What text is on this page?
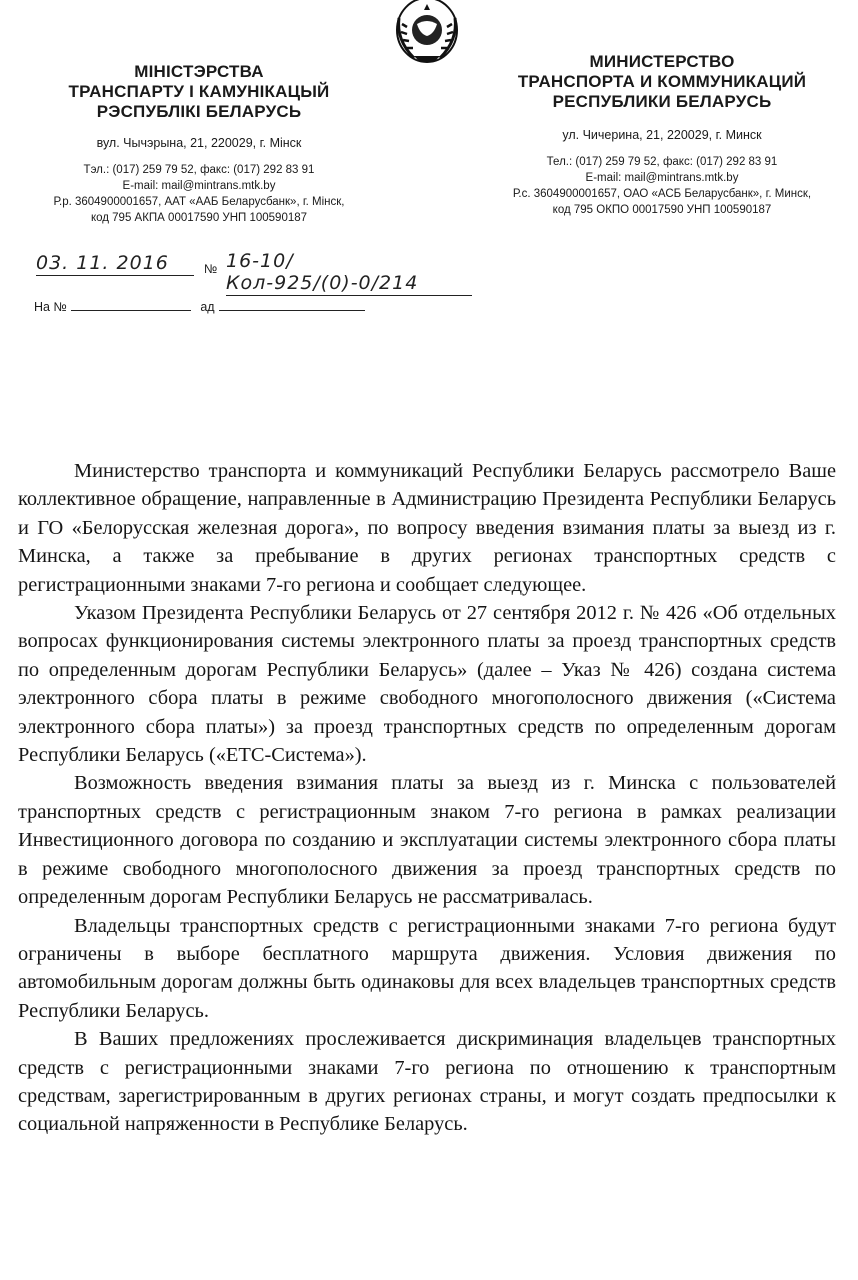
МІНІСТЭРСТВА
ТРАНСПАРТУ І КАМУНІКАЦЫЙ
РЭСПУБЛІКІ БЕЛАРУСЬ
вул. Чычэрына, 21, 220029, г. Мінск
Тэл.: (017) 259 79 52, факс: (017) 292 83 91
E-mail: mail@mintrans.mtk.by
Р.р. 3604900001657, ААТ «ААБ Беларусбанк», г. Мінск,
код 795 АКПА 00017590 УНП 100590187
МИНИСТЕРСТВО
ТРАНСПОРТА И КОММУНИКАЦИЙ
РЕСПУБЛИКИ БЕЛАРУСЬ
ул. Чичерина, 21, 220029, г. Минск
Тел.: (017) 259 79 52, факс: (017) 292 83 91
E-mail: mail@mintrans.mtk.by
Р.с. 3604900001657, ОАО «АСБ Беларусбанк», г. Минск,
код 795 ОКПО 00017590 УНП 100590187
03. 11. 2016	№ 16-10/Кол-925/(0)-0/214
На №	ад

Министерство транспорта и коммуникаций Республики Беларусь рассмотрело Ваше коллективное обращение, направленные в Администрацию Президента Республики Беларусь и ГО «Белорусская железная дорога», по вопросу введения взимания платы за выезд из г. Минска, а также за пребывание в других регионах транспортных средств с регистрационными знаками 7-го региона и сообщает следующее.

Указом Президента Республики Беларусь от 27 сентября 2012 г. № 426 «Об отдельных вопросах функционирования системы электронного платы за проезд транспортных средств по определенным дорогам Республики Беларусь» (далее – Указ № 426) создана система электронного сбора платы в режиме свободного многополосного движения («Система электронного сбора платы») за проезд транспортных средств по определенным дорогам Республики Беларусь («ЕТС-Система»).

Возможность введения взимания платы за выезд из г. Минска с пользователей транспортных средств с регистрационным знаком 7-го региона в рамках реализации Инвестиционного договора по созданию и эксплуатации системы электронного сбора платы в режиме свободного многополосного движения за проезд транспортных средств по определенным дорогам Республики Беларусь не рассматривалась.

Владельцы транспортных средств с регистрационными знаками 7-го региона будут ограничены в выборе бесплатного маршрута движения. Условия движения по автомобильным дорогам должны быть одинаковы для всех владельцев транспортных средств Республики Беларусь.

В Ваших предложениях прослеживается дискриминация владельцев транспортных средств с регистрационными знаками 7-го региона по отношению к транспортным средствам, зарегистрированным в других регионах страны, и могут создать предпосылки к социальной напряженности в Республике Беларусь.
